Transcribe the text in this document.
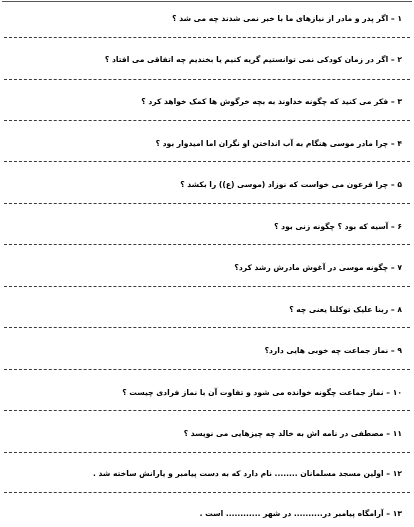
۱ – اگر پدر و مادر از نیازهای ما با خبر نمی شدند چه می شد ؟
۲ – اگر در زمان کودکی نمی توانستیم گریه کنیم یا بخندیم چه اتفاقی می افتاد ؟
۳ – فکر می کنید که چگونه خداوند به بچه خرگوش ها کمک خواهد کرد ؟
۴ – چرا مادر موسی هنگام به آب انداختن او نگران اما امیدوار بود ؟
۵ – چرا فرعون می خواست که نوزاد (موسی (ع)) را بکشد ؟
۶ – آسیه که بود ؟ چگونه زنی بود ؟
۷ – چگونه موسی در آغوش مادرش رشد کرد؟
۸ – ربنا علیک توکلنا یعنی چه ؟
۹ – نماز جماعت چه خوبی هایی دارد؟
۱۰ – نماز جماعت چگونه خوانده می شود و تفاوت آن با نماز فرادی چیست ؟
۱۱ – مصطفی در نامه اش به خالد چه چیزهایی می نویسد ؟
۱۲ – اولین مسجد مسلمانان ........ نام دارد که به دست پیامبر و یارانش ساخته شد .
۱۳ – آرامگاه پیامبر در.......... در شهر ............ است .
